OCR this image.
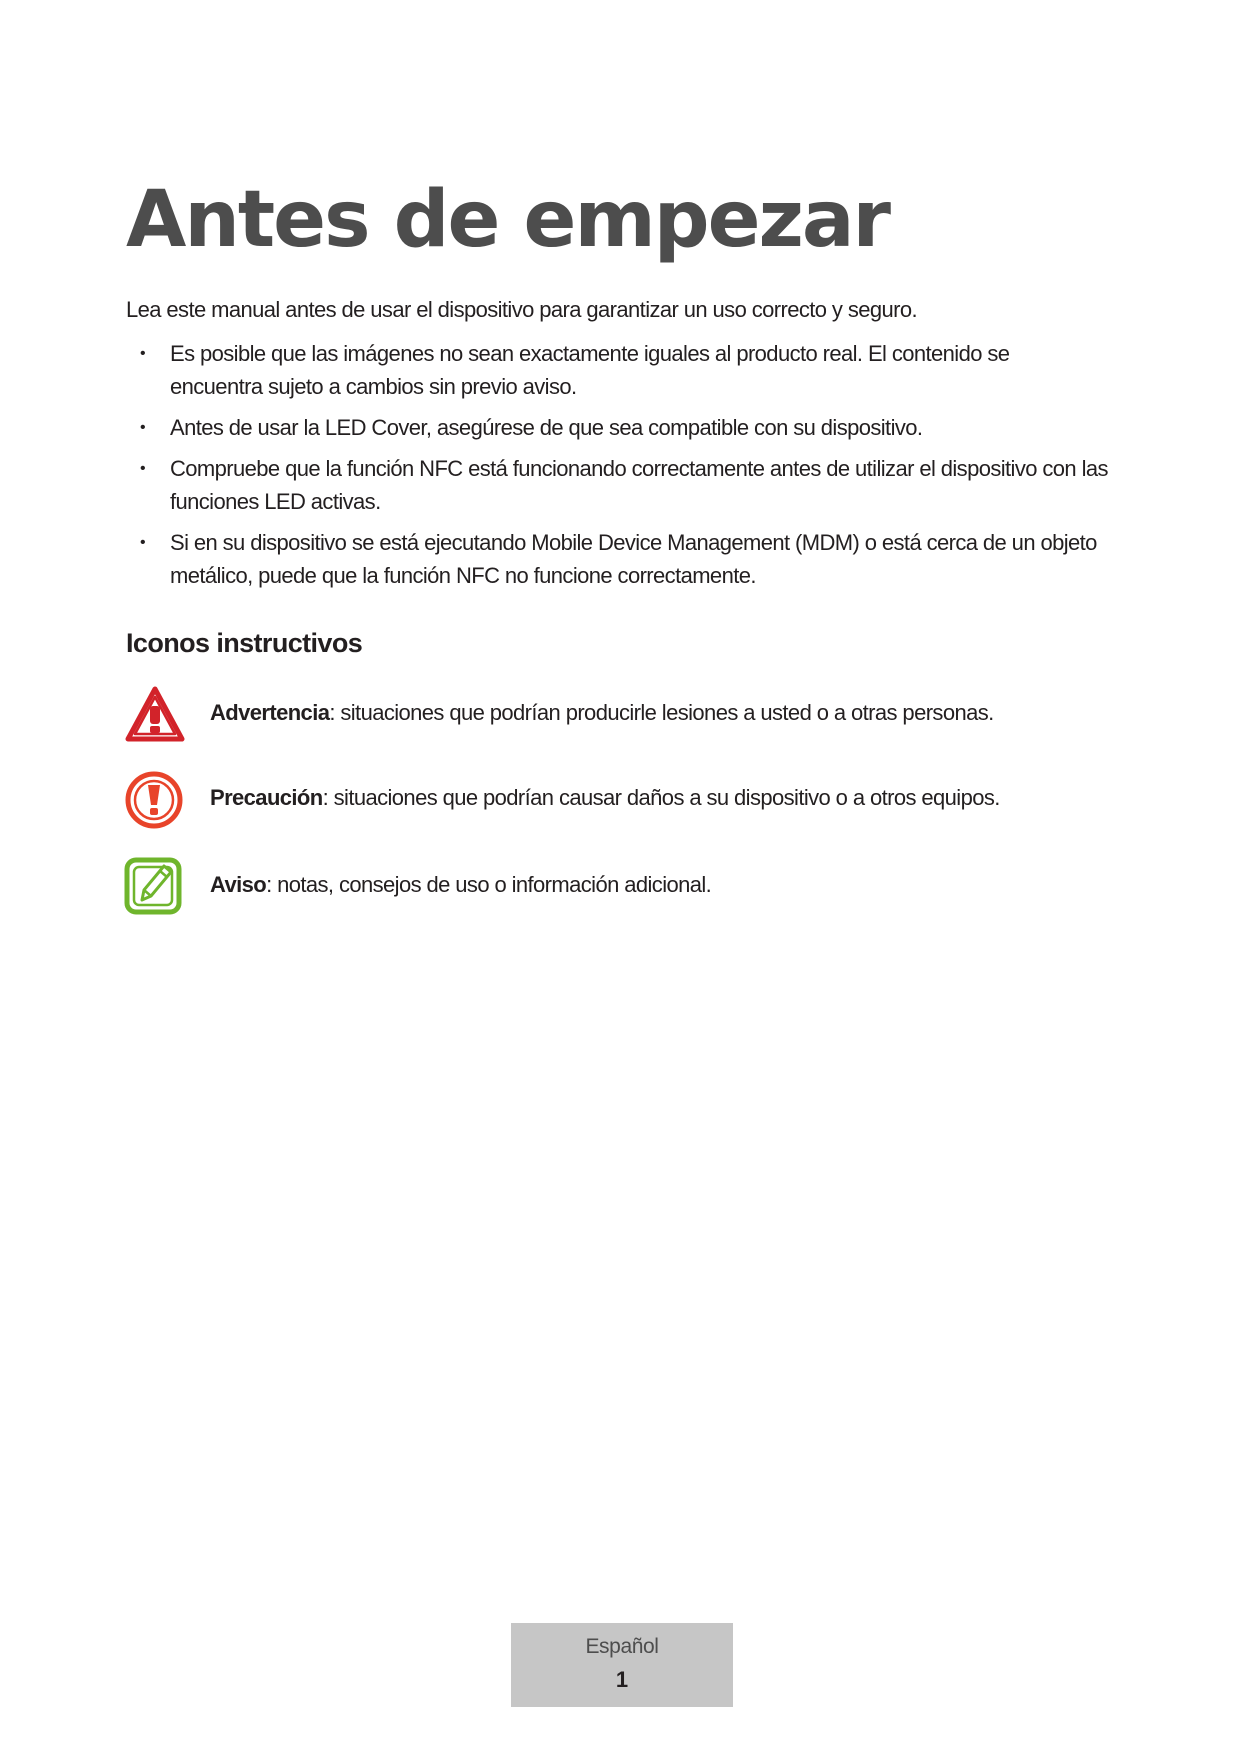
Antes de empezar
Lea este manual antes de usar el dispositivo para garantizar un uso correcto y seguro.
• Es posible que las imágenes no sean exactamente iguales al producto real. El contenido se encuentra sujeto a cambios sin previo aviso.
• Antes de usar la LED Cover, asegúrese de que sea compatible con su dispositivo.
• Compruebe que la función NFC está funcionando correctamente antes de utilizar el dispositivo con las funciones LED activas.
• Si en su dispositivo se está ejecutando Mobile Device Management (MDM) o está cerca de un objeto metálico, puede que la función NFC no funcione correctamente.
Iconos instructivos
Advertencia: situaciones que podrían producirle lesiones a usted o a otras personas.
Precaución: situaciones que podrían causar daños a su dispositivo o a otros equipos.
Aviso: notas, consejos de uso o información adicional.
Español
1
